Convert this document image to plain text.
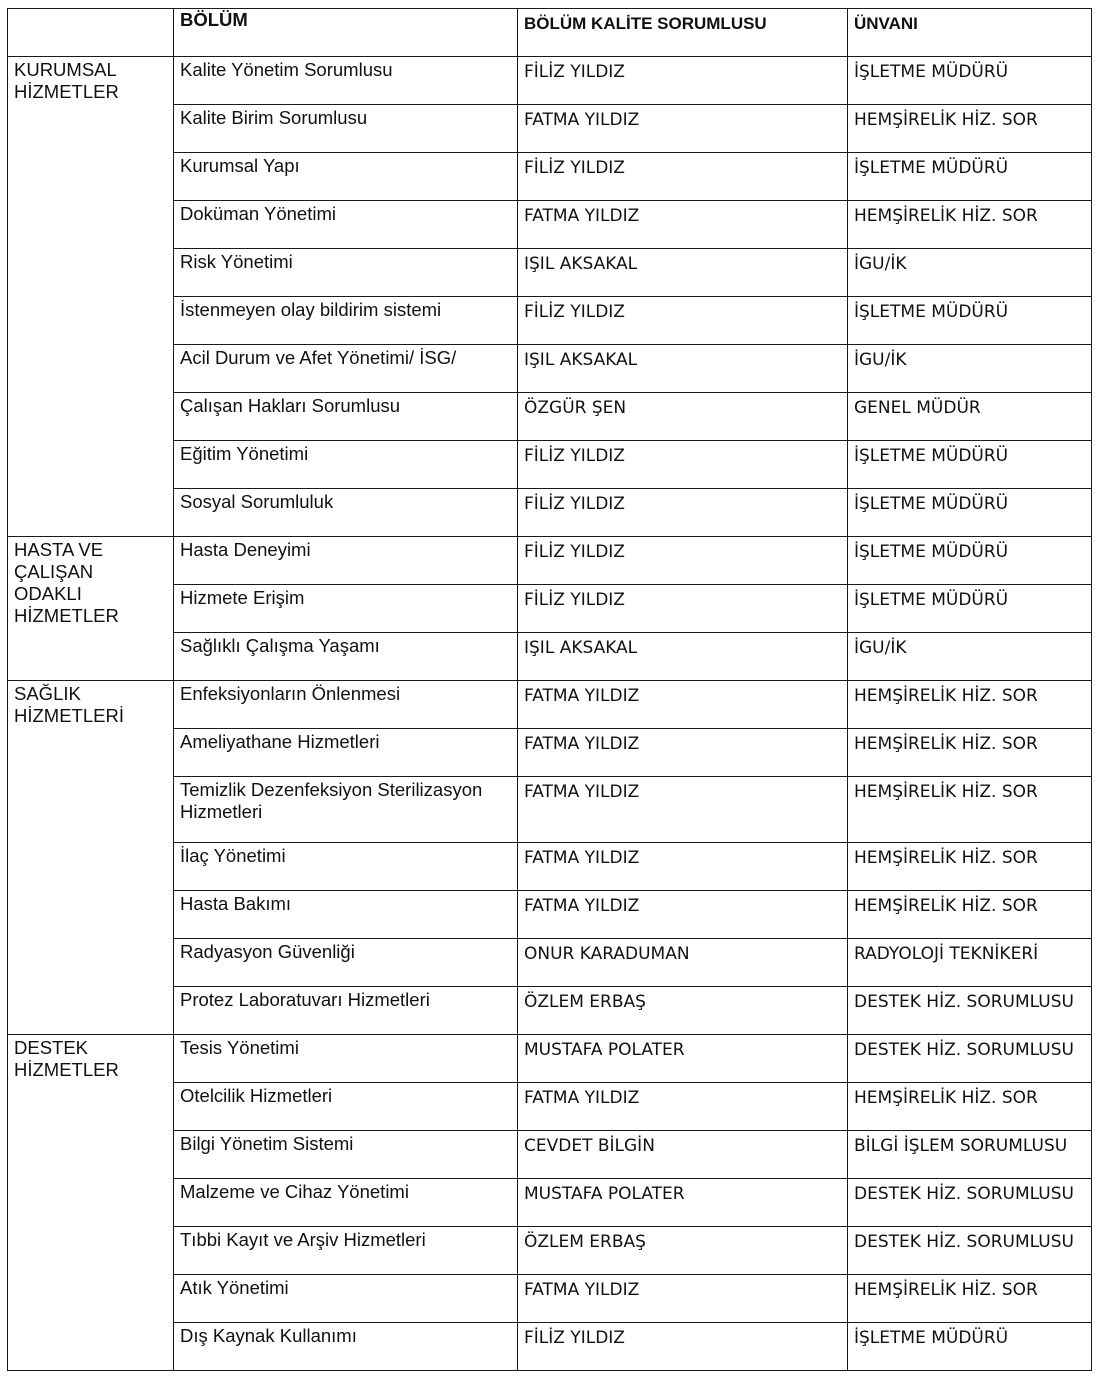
	BÖLÜM	BÖLÜM KALİTE SORUMLUSU	ÜNVANI
KURUMSAL
HİZMETLER	Kalite Yönetim Sorumlusu	FİLİZ YILDIZ	İŞLETME MÜDÜRÜ
	Kalite Birim Sorumlusu	FATMA YILDIZ	HEMŞİRELİK HİZ. SOR
	Kurumsal Yapı	FİLİZ YILDIZ	İŞLETME MÜDÜRÜ
	Doküman Yönetimi	FATMA YILDIZ	HEMŞİRELİK HİZ. SOR
	Risk Yönetimi	IŞIL AKSAKAL	İGU/İK
	İstenmeyen olay bildirim sistemi	FİLİZ YILDIZ	İŞLETME MÜDÜRÜ
	Acil Durum ve Afet Yönetimi/ İSG/	IŞIL AKSAKAL	İGU/İK
	Çalışan Hakları Sorumlusu	ÖZGÜR ŞEN	GENEL MÜDÜR
	Eğitim Yönetimi	FİLİZ YILDIZ	İŞLETME MÜDÜRÜ
	Sosyal Sorumluluk	FİLİZ YILDIZ	İŞLETME MÜDÜRÜ
HASTA VE
ÇALIŞAN
ODAKLI
HİZMETLER	Hasta Deneyimi	FİLİZ YILDIZ	İŞLETME MÜDÜRÜ
	Hizmete Erişim	FİLİZ YILDIZ	İŞLETME MÜDÜRÜ
	Sağlıklı Çalışma Yaşamı	IŞIL AKSAKAL	İGU/İK
SAĞLIK
HİZMETLERİ	Enfeksiyonların Önlenmesi	FATMA YILDIZ	HEMŞİRELİK HİZ. SOR
	Ameliyathane Hizmetleri	FATMA YILDIZ	HEMŞİRELİK HİZ. SOR
	Temizlik Dezenfeksiyon Sterilizasyon Hizmetleri	FATMA YILDIZ	HEMŞİRELİK HİZ. SOR
	İlaç Yönetimi	FATMA YILDIZ	HEMŞİRELİK HİZ. SOR
	Hasta Bakımı	FATMA YILDIZ	HEMŞİRELİK HİZ. SOR
	Radyasyon Güvenliği	ONUR KARADUMAN	RADYOLOJİ TEKNİKERİ
	Protez Laboratuvarı Hizmetleri	ÖZLEM ERBAŞ	DESTEK HİZ. SORUMLUSU
DESTEK
HİZMETLER	Tesis Yönetimi	MUSTAFA POLATER	DESTEK HİZ. SORUMLUSU
	Otelcilik Hizmetleri	FATMA YILDIZ	HEMŞİRELİK HİZ. SOR
	Bilgi Yönetim Sistemi	CEVDET BİLGİN	BİLGİ İŞLEM SORUMLUSU
	Malzeme ve Cihaz Yönetimi	MUSTAFA POLATER	DESTEK HİZ. SORUMLUSU
	Tıbbi Kayıt ve Arşiv Hizmetleri	ÖZLEM ERBAŞ	DESTEK HİZ. SORUMLUSU
	Atık Yönetimi	FATMA YILDIZ	HEMŞİRELİK HİZ. SOR
	Dış Kaynak Kullanımı	FİLİZ YILDIZ	İŞLETME MÜDÜRÜ
